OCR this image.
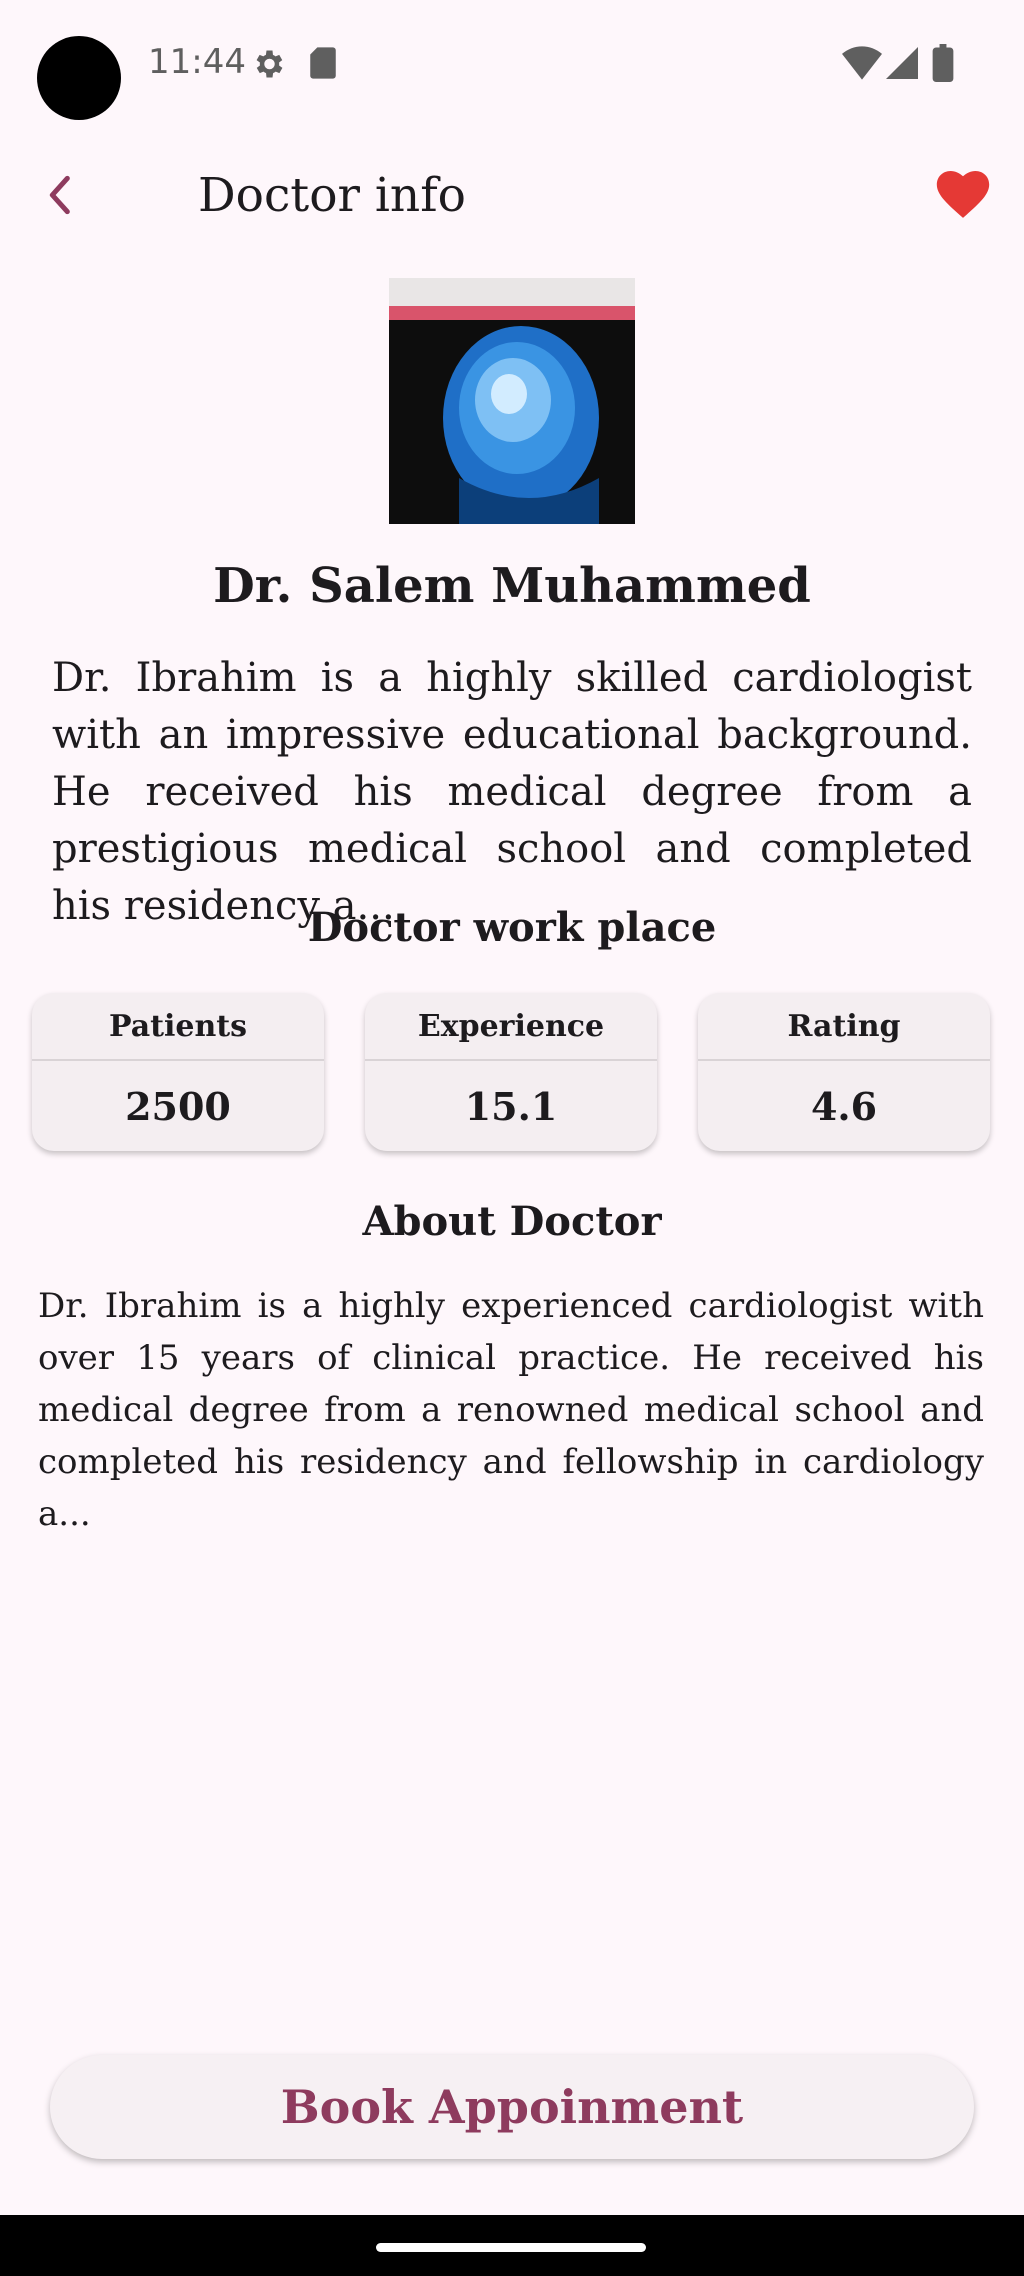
11:44
Doctor info
Dr. Salem Muhammed

Dr. Ibrahim is a highly skilled cardiologist with an impressive educational background. He received his medical degree from a prestigious medical school and completed his residency a...

Doctor work place
Patients
2500
Experience
15.1
Rating
4.6
About Doctor

Dr. Ibrahim is a highly experienced cardiologist with over 15 years of clinical practice. He received his medical degree from a renowned medical school and completed his residency and fellowship in cardiology a...

Book Appoinment
